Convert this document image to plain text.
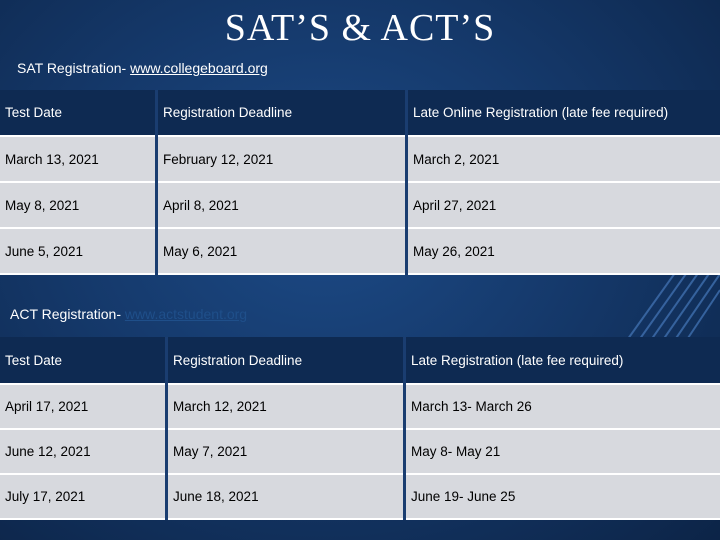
SAT’S & ACT’S
SAT Registration- www.collegeboard.org
Test Date	Registration Deadline	Late Online Registration (late fee required)
March 13, 2021	February 12, 2021	March 2, 2021
May 8, 2021	April 8, 2021	April 27, 2021
June 5, 2021	May 6, 2021	May 26, 2021
ACT Registration- www.actstudent.org
Test Date	Registration Deadline	Late Registration (late fee required)
April 17, 2021	March 12, 2021	March 13- March 26
June 12, 2021	May 7, 2021	May 8- May 21
July 17, 2021	June 18, 2021	June 19- June 25
